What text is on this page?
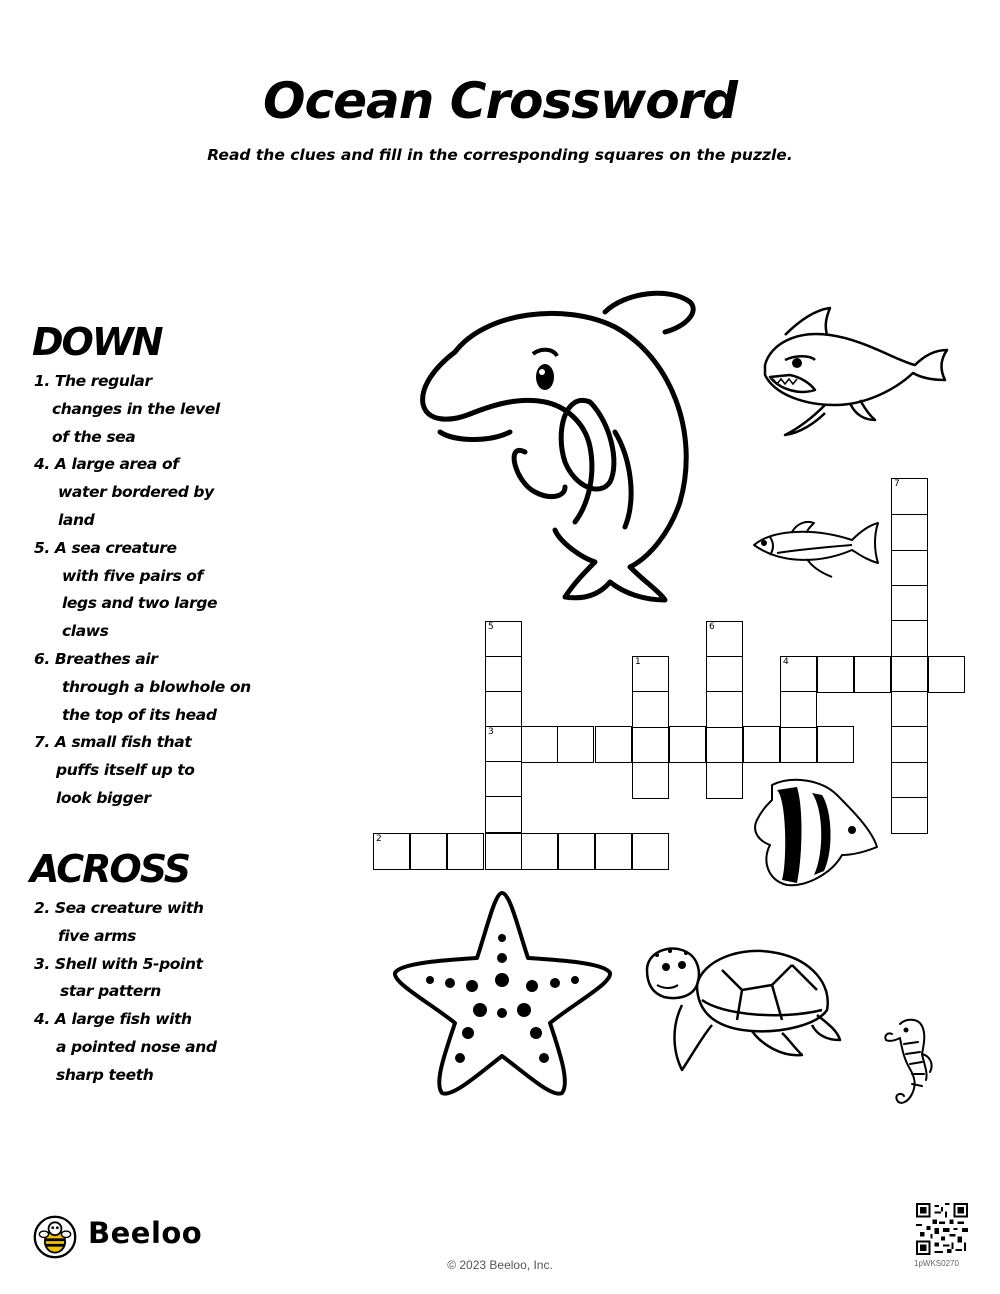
Ocean Crossword
Read the clues and fill in the corresponding squares on the puzzle.
DOWN
1. The regular
changes in the level
of the sea
4. A large area of
water bordered by
land
5. A sea creature
with five pairs of
legs and two large
claws
6. Breathes air
through a blowhole on
the top of its head
7. A small fish that
puffs itself up to
look bigger
ACROSS
2. Sea creature with
five arms
3. Shell with 5-point
star pattern
4. A large fish with
a pointed nose and
sharp teeth
5
3
1
6
4
7
2
Beeloo
© 2023 Beeloo, Inc.	1pWKS0270
